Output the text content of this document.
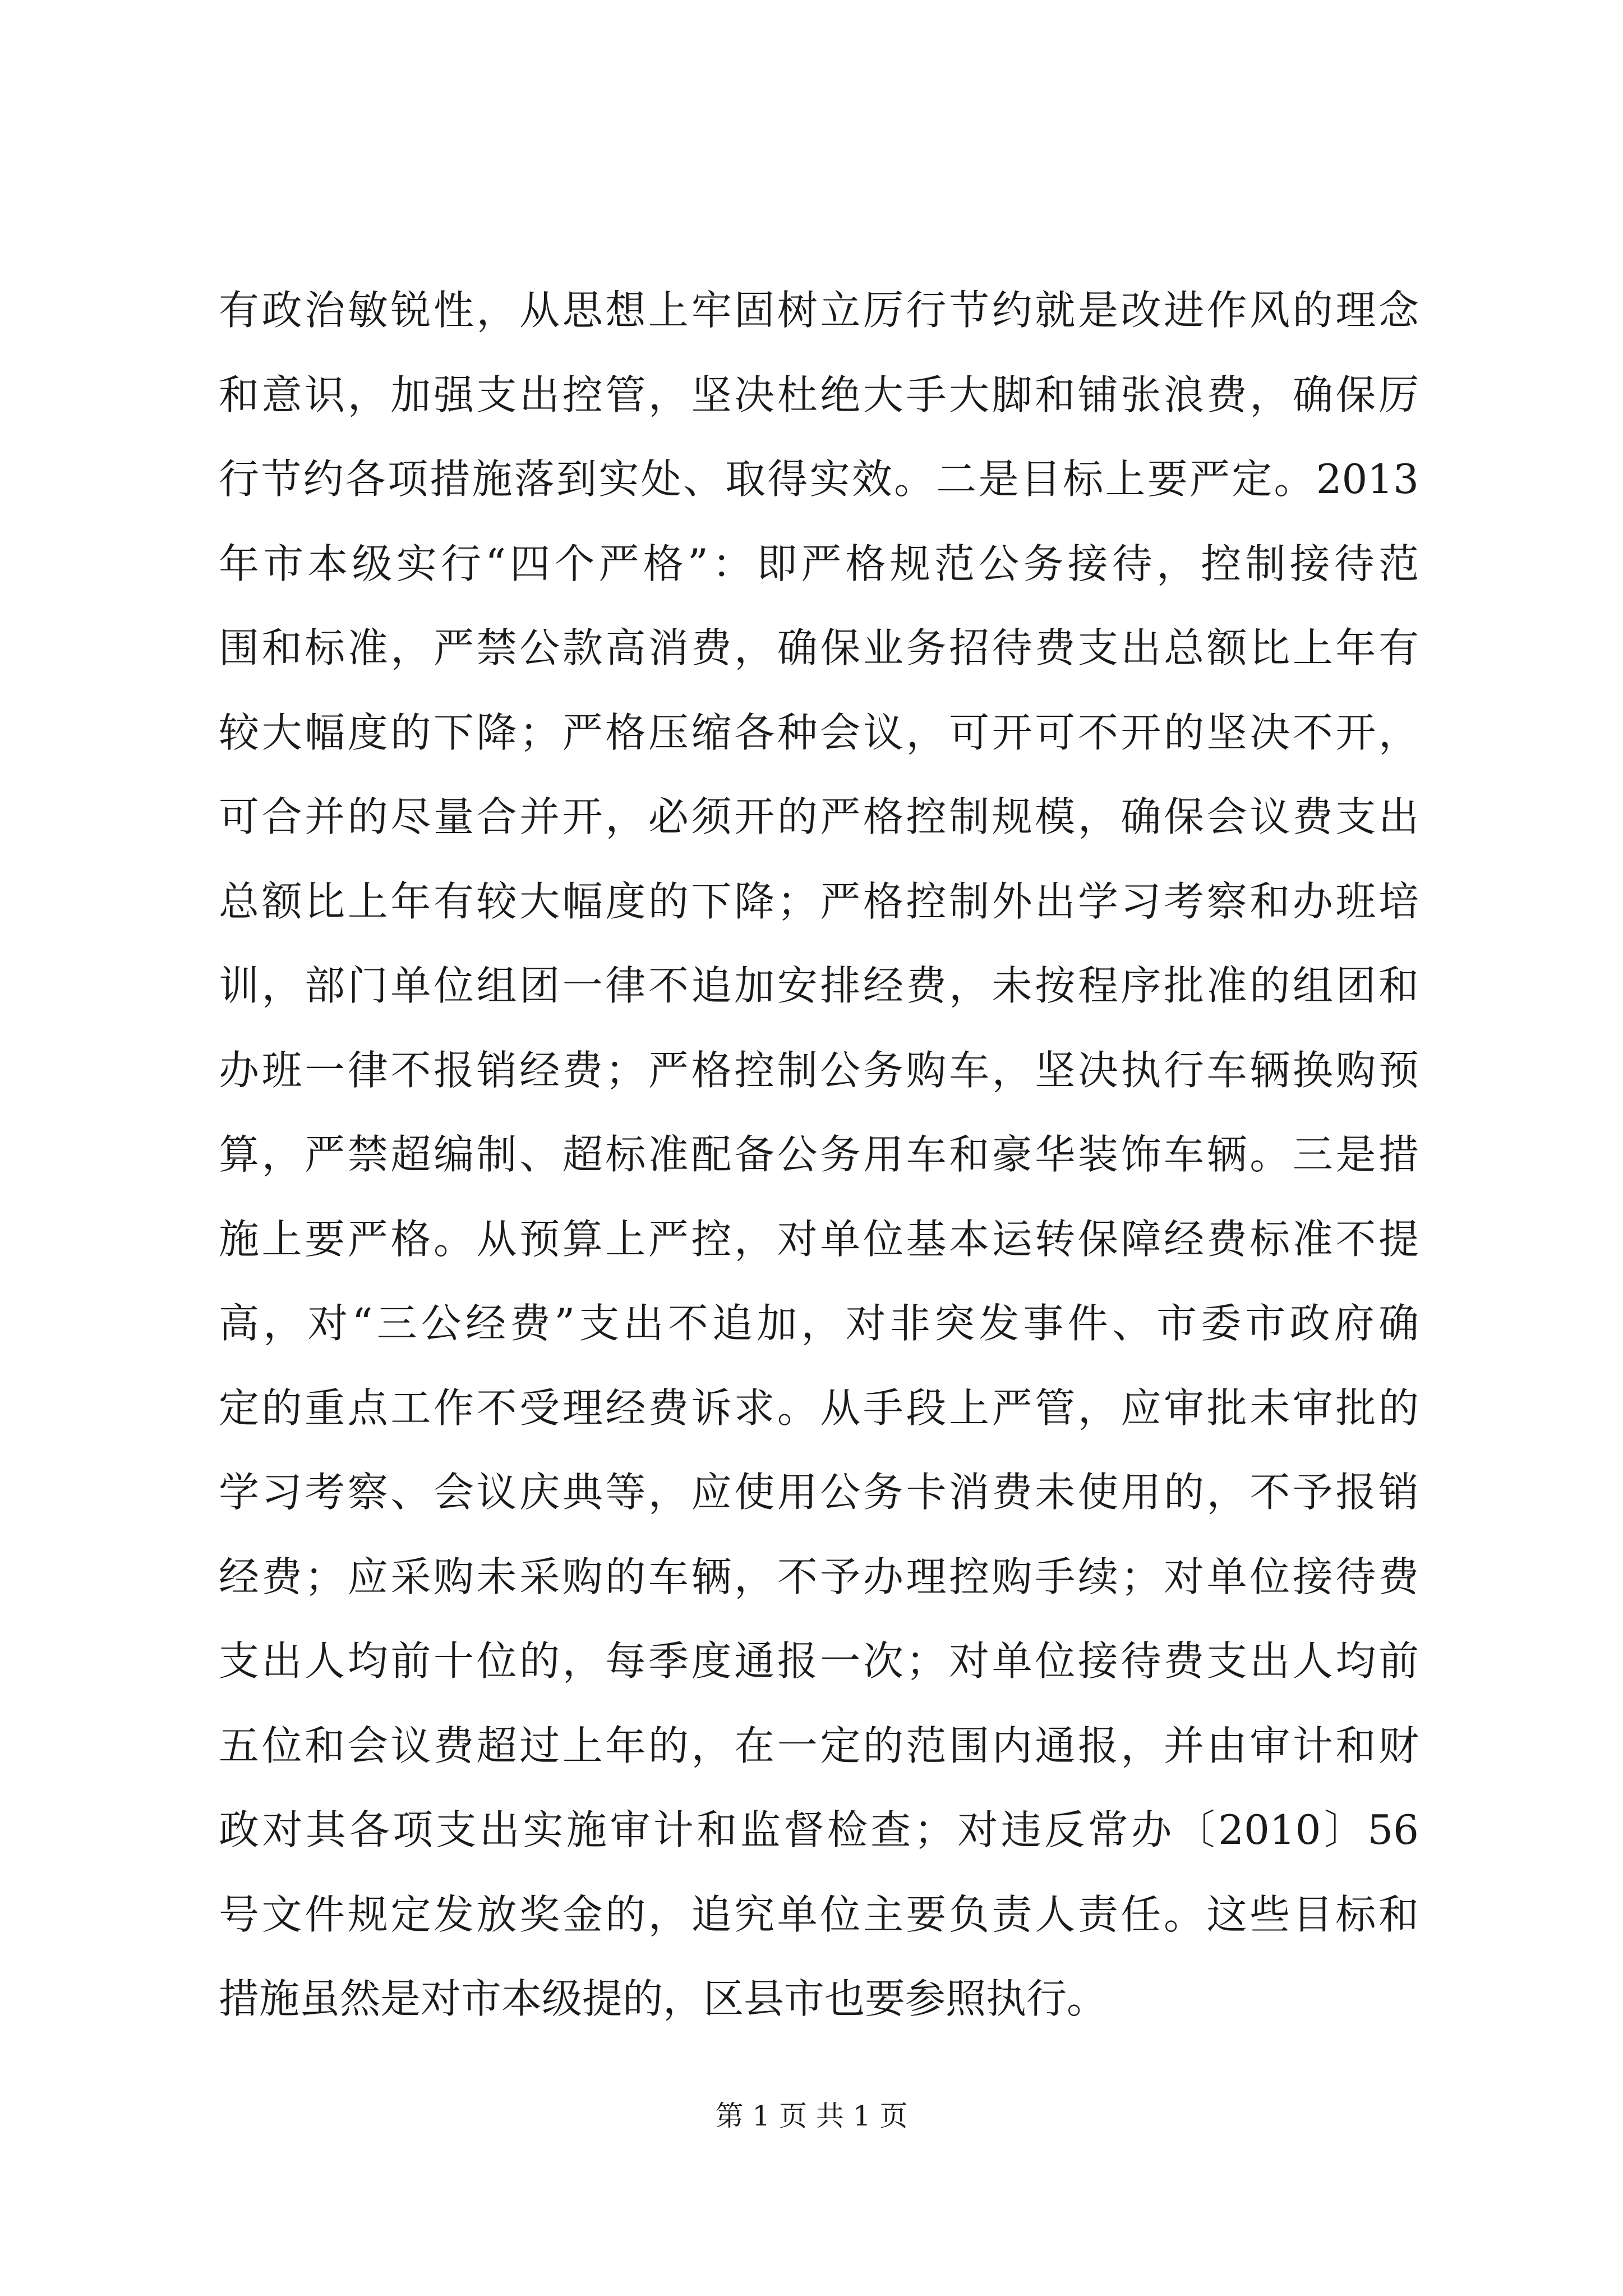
有政治敏锐性，从思想上牢固树立厉行节约就是改进作风的理念
和意识，加强支出控管，坚决杜绝大手大脚和铺张浪费，确保厉
行节约各项措施落到实处、取得实效。二是目标上要严定。2013
年市本级实行“四个严格”：即严格规范公务接待，控制接待范
围和标准，严禁公款高消费，确保业务招待费支出总额比上年有
较大幅度的下降；严格压缩各种会议，可开可不开的坚决不开，
可合并的尽量合并开，必须开的严格控制规模，确保会议费支出
总额比上年有较大幅度的下降；严格控制外出学习考察和办班培
训，部门单位组团一律不追加安排经费，未按程序批准的组团和
办班一律不报销经费；严格控制公务购车，坚决执行车辆换购预
算，严禁超编制、超标准配备公务用车和豪华装饰车辆。三是措
施上要严格。从预算上严控，对单位基本运转保障经费标准不提
高，对“三公经费”支出不追加，对非突发事件、市委市政府确
定的重点工作不受理经费诉求。从手段上严管，应审批未审批的
学习考察、会议庆典等，应使用公务卡消费未使用的，不予报销
经费；应采购未采购的车辆，不予办理控购手续；对单位接待费
支出人均前十位的，每季度通报一次；对单位接待费支出人均前
五位和会议费超过上年的，在一定的范围内通报，并由审计和财
政对其各项支出实施审计和监督检查；对违反常办〔2010〕56
号文件规定发放奖金的，追究单位主要负责人责任。这些目标和
措施虽然是对市本级提的，区县市也要参照执行。
第 1 页 共 1 页
